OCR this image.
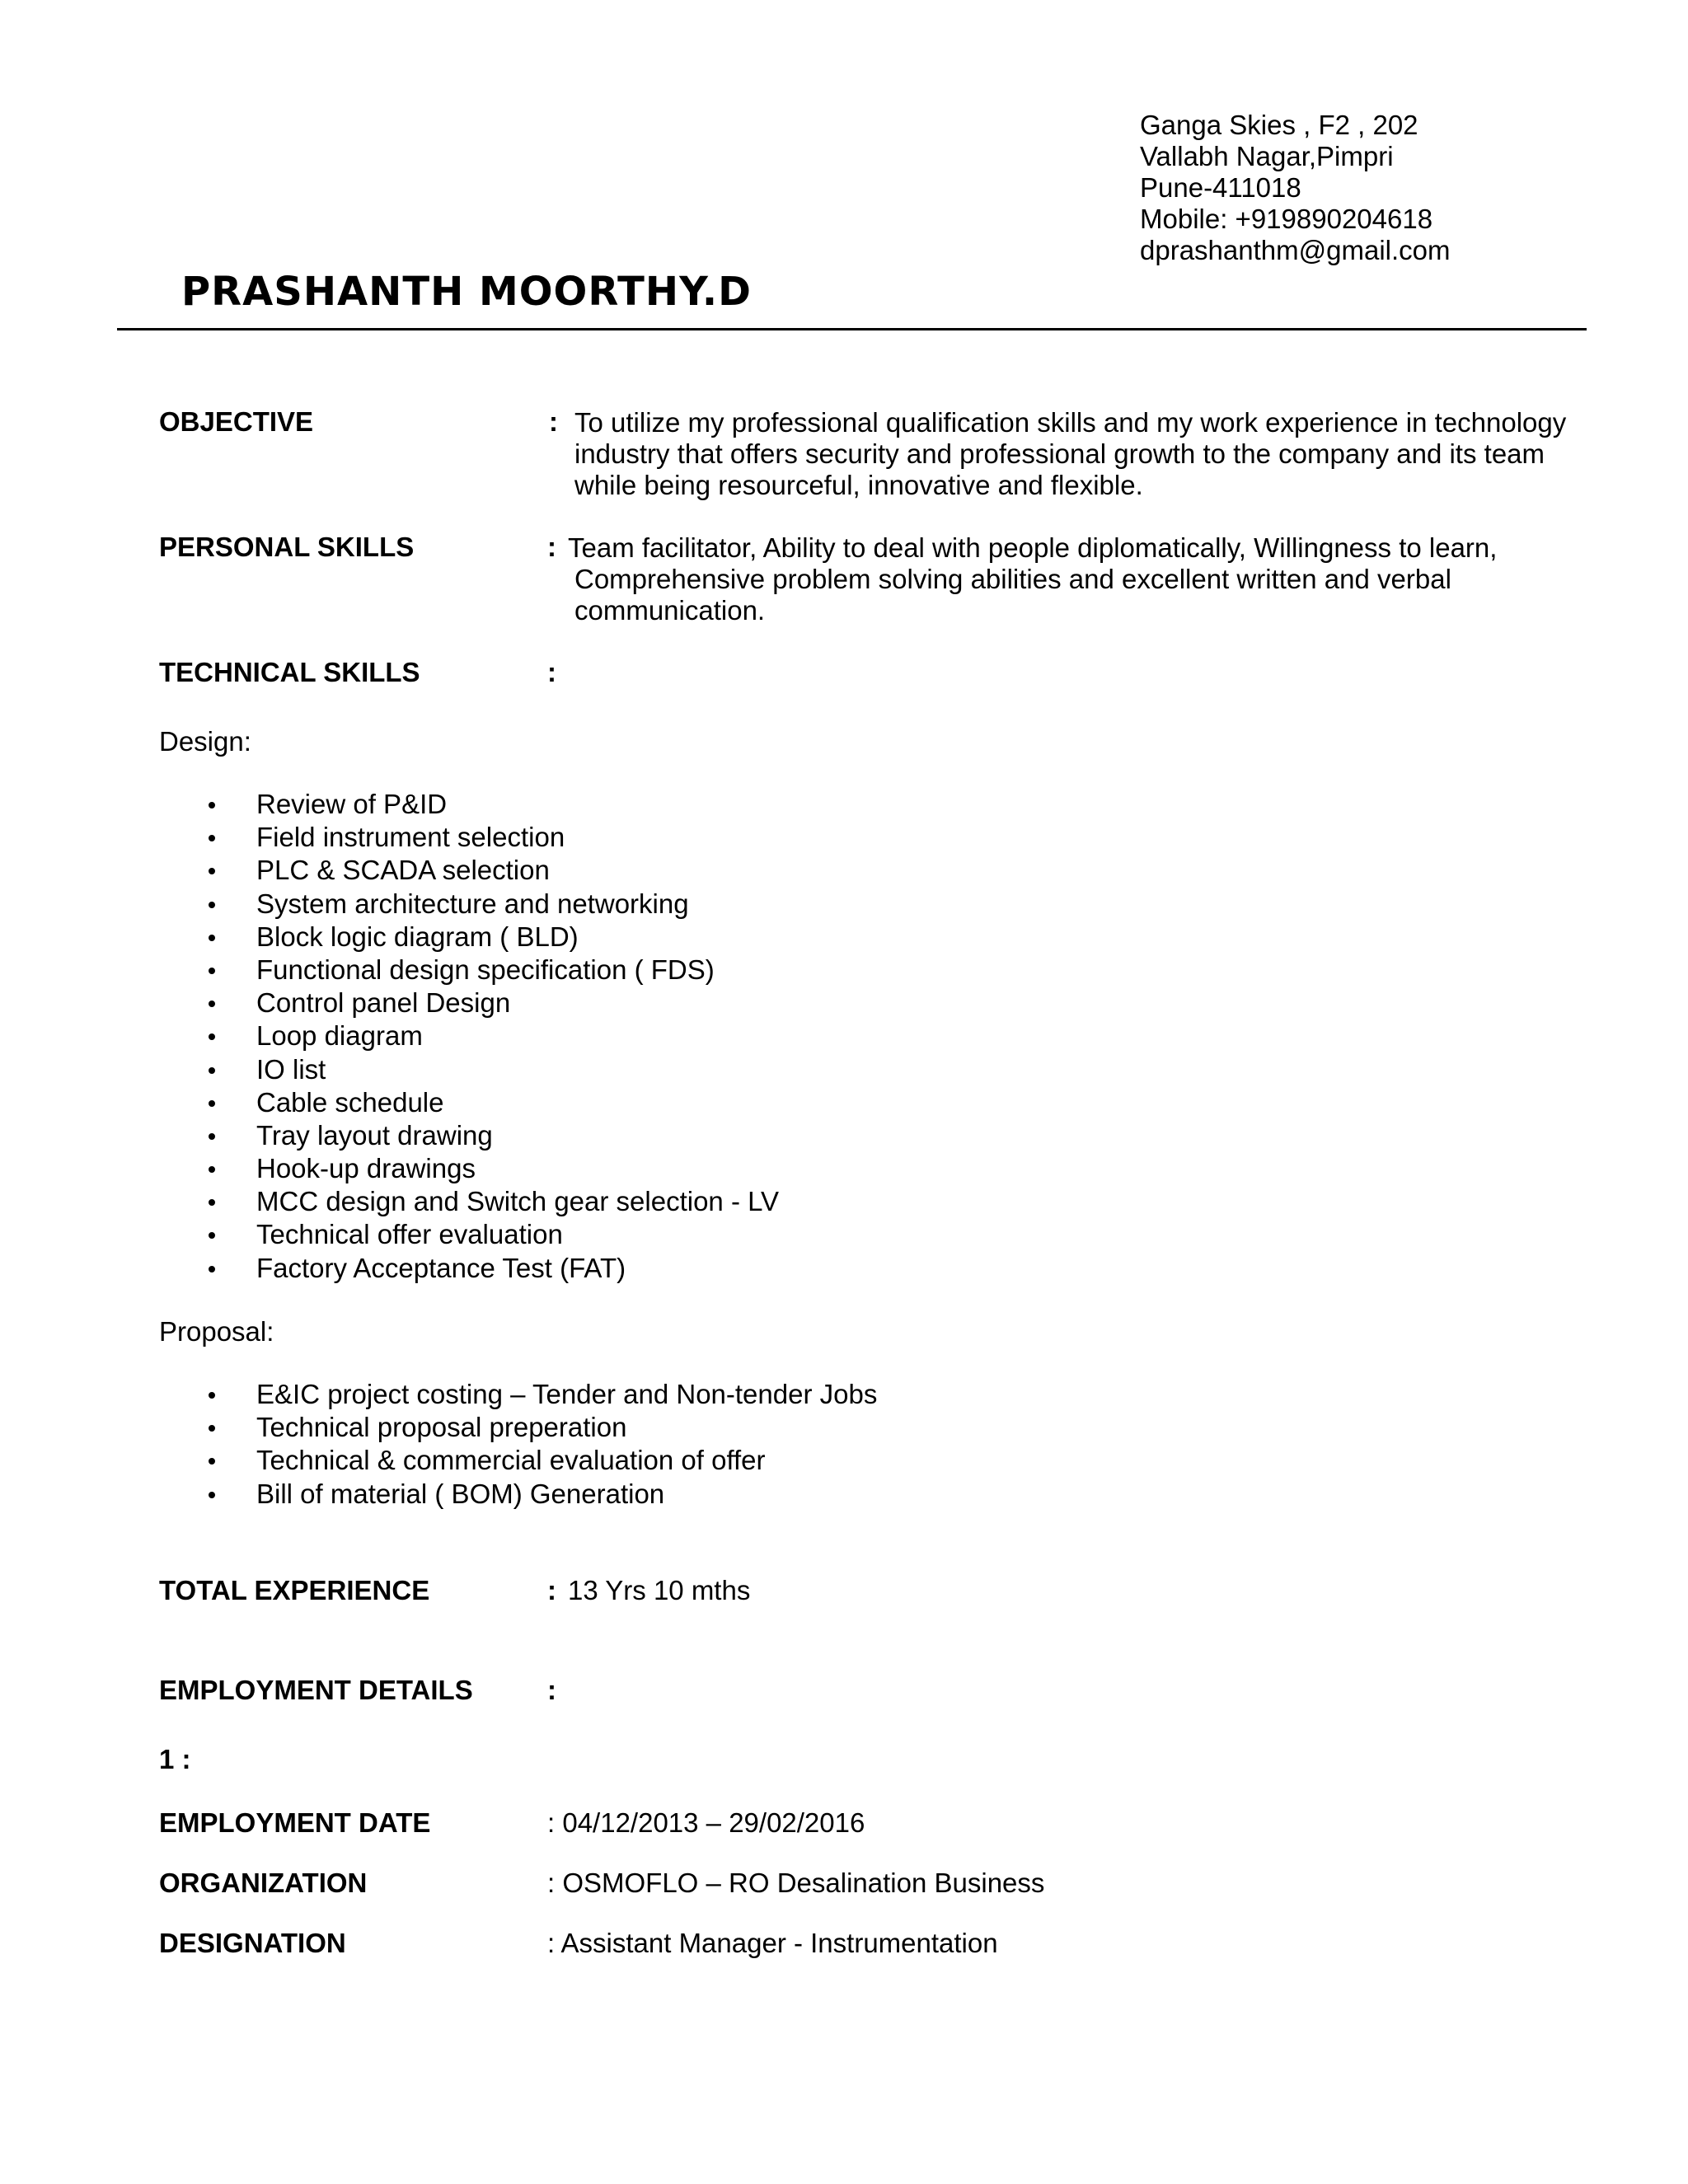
Ganga Skies , F2 , 202
Vallabh Nagar,Pimpri
Pune-411018
Mobile: +919890204618
dprashanthm@gmail.com
PRASHANTH MOORTHY.D
OBJECTIVE	: To utilize my professional qualification skills and my work experience in technology
industry that offers security and professional growth to the company and its team
while being resourceful, innovative and flexible.
PERSONAL SKILLS	: Team facilitator, Ability to deal with people diplomatically, Willingness to learn,
Comprehensive problem solving abilities and excellent written and verbal
communication.
TECHNICAL SKILLS	:
Design:
Review of P&ID
Field instrument selection
PLC & SCADA selection
System architecture and networking
Block logic diagram ( BLD)
Functional design specification ( FDS)
Control panel Design
Loop diagram
IO list
Cable schedule
Tray layout drawing
Hook-up drawings
MCC design and Switch gear selection - LV
Technical offer evaluation
Factory Acceptance Test (FAT)
Proposal:
E&IC project costing – Tender and Non-tender Jobs
Technical proposal preperation
Technical & commercial evaluation of offer
Bill of material ( BOM) Generation
TOTAL EXPERIENCE	: 13 Yrs 10 mths
EMPLOYMENT DETAILS	:
1 :
EMPLOYMENT DATE	: 04/12/2013 – 29/02/2016
ORGANIZATION	: OSMOFLO – RO Desalination Business
DESIGNATION	: Assistant Manager - Instrumentation
